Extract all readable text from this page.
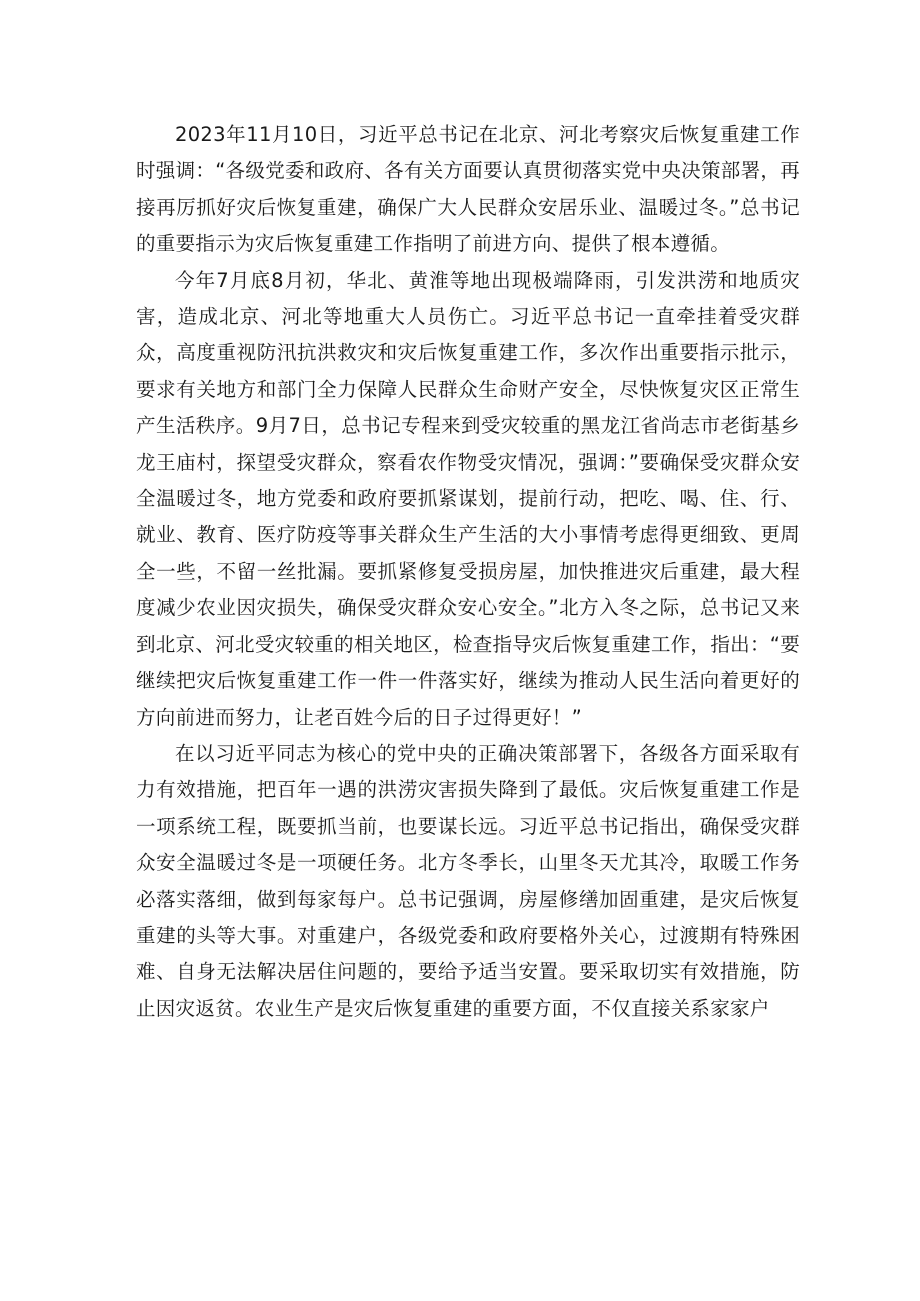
2023年11月10日，习近平总书记在北京、河北考察灾后恢复重建工作时强调：“各级党委和政府、各有关方面要认真贯彻落实党中央决策部署，再接再厉抓好灾后恢复重建，确保广大人民群众安居乐业、温暖过冬。”总书记的重要指示为灾后恢复重建工作指明了前进方向、提供了根本遵循。

今年7月底8月初，华北、黄淮等地出现极端降雨，引发洪涝和地质灾害，造成北京、河北等地重大人员伤亡。习近平总书记一直牵挂着受灾群众，高度重视防汛抗洪救灾和灾后恢复重建工作，多次作出重要指示批示，要求有关地方和部门全力保障人民群众生命财产安全，尽快恢复灾区正常生产生活秩序。9月7日，总书记专程来到受灾较重的黑龙江省尚志市老街基乡龙王庙村，探望受灾群众，察看农作物受灾情况，强调：”要确保受灾群众安全温暖过冬，地方党委和政府要抓紧谋划，提前行动，把吃、喝、住、行、就业、教育、医疗防疫等事关群众生产生活的大小事情考虑得更细致、更周全一些，不留一丝批漏。要抓紧修复受损房屋，加快推进灾后重建，最大程度减少农业因灾损失，确保受灾群众安心安全。”北方入冬之际，总书记又来到北京、河北受灾较重的相关地区，检查指导灾后恢复重建工作，指出：“要继续把灾后恢复重建工作一件一件落实好，继续为推动人民生活向着更好的方向前进而努力，让老百姓今后的日子过得更好！”

在以习近平同志为核心的党中央的正确决策部署下，各级各方面采取有力有效措施，把百年一遇的洪涝灾害损失降到了最低。灾后恢复重建工作是一项系统工程，既要抓当前，也要谋长远。习近平总书记指出，确保受灾群众安全温暖过冬是一项硬任务。北方冬季长，山里冬天尤其冷，取暖工作务必落实落细，做到每家每户。总书记强调，房屋修缮加固重建，是灾后恢复重建的头等大事。对重建户，各级党委和政府要格外关心，过渡期有特殊困难、自身无法解决居住问题的，要给予适当安置。要采取切实有效措施，防止因灾返贫。农业生产是灾后恢复重建的重要方面，不仅直接关系家家户
